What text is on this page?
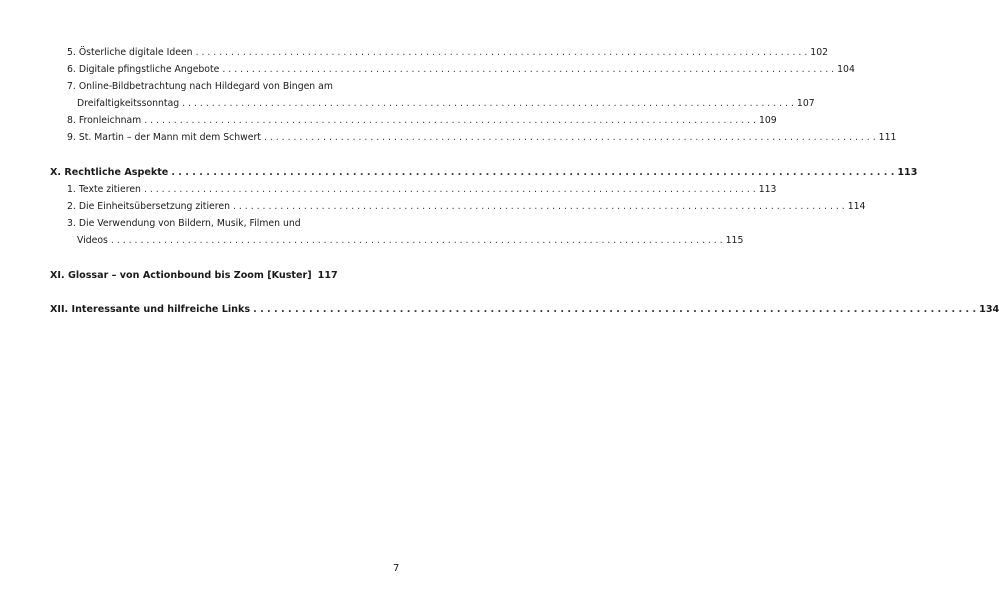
5. Österliche digitale Ideen . . .	102
6. Digitale pfingstliche Angebote . . .	104
7. Online-Bildbetrachtung nach Hildegard von Bingen am
Dreifaltigkeitssonntag . . .	107
8. Fronleichnam . . .	109
9. St. Martin – der Mann mit dem Schwert . . .	111
X. Rechtliche Aspekte . . .	113
1. Texte zitieren . . .	113
2. Die Einheitsübersetzung zitieren . . .	114
3. Die Verwendung von Bildern, Musik, Filmen und
Videos . . .	115
XI. Glossar – von Actionbound bis Zoom [Kuster] 117
XII. Interessante und hilfreiche Links . . .	134
7
